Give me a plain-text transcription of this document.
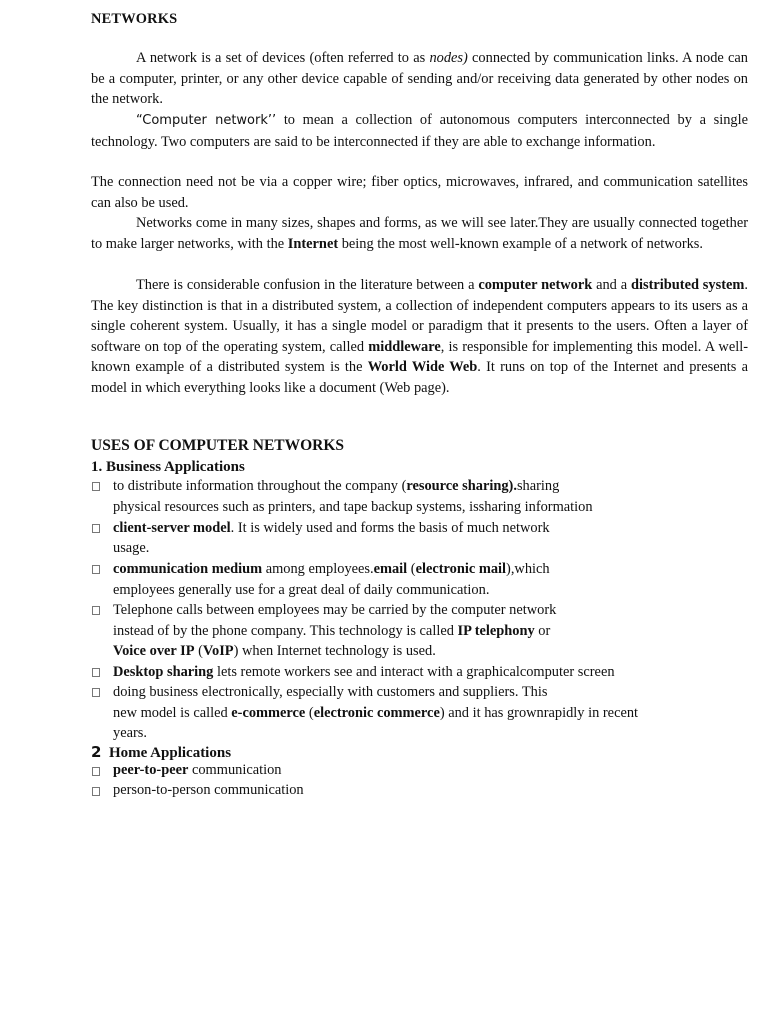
NETWORKS
A network is a set of devices (often referred to as nodes) connected by communication links. A node can be a computer, printer, or any other device capable of sending and/or receiving data generated by other nodes on the network.
“Computer network’’ to mean a collection of autonomous computers interconnected by a single technology. Two computers are said to be interconnected if they are able to exchange information.
The connection need not be via a copper wire; fiber optics, microwaves, infrared, and communication satellites can also be used.
Networks come in many sizes, shapes and forms, as we will see later.They are usually connected together to make larger networks, with the Internet being the most well-known example of a network of networks.
There is considerable confusion in the literature between a computer network and a distributed system. The key distinction is that in a distributed system, a collection of independent computers appears to its users as a single coherent system. Usually, it has a single model or paradigm that it presents to the users. Often a layer of software on top of the operating system, called middleware, is responsible for implementing this model. A well-known example of a distributed system is the World Wide Web. It runs on top of the Internet and presents a model in which everything looks like a document (Web page).
USES OF COMPUTER NETWORKS
1. Business Applications
to distribute information throughout the company (resource sharing).sharing
physical resources such as printers, and tape backup systems, issharing information
client-server model. It is widely used and forms the basis of much network
usage.
communication medium among employees.email (electronic mail),which
employees generally use for a great deal of daily communication.
Telephone calls between employees may be carried by the computer network
instead of by the phone company. This technology is called IP telephony or
Voice over IP (VoIP) when Internet technology is used.
Desktop sharing lets remote workers see and interact with a graphicalcomputer screen
doing business electronically, especially with customers and suppliers. This
new model is called e-commerce (electronic commerce) and it has grownrapidly in recent
years.
2 Home Applications
peer-to-peer communication
person-to-person communication
